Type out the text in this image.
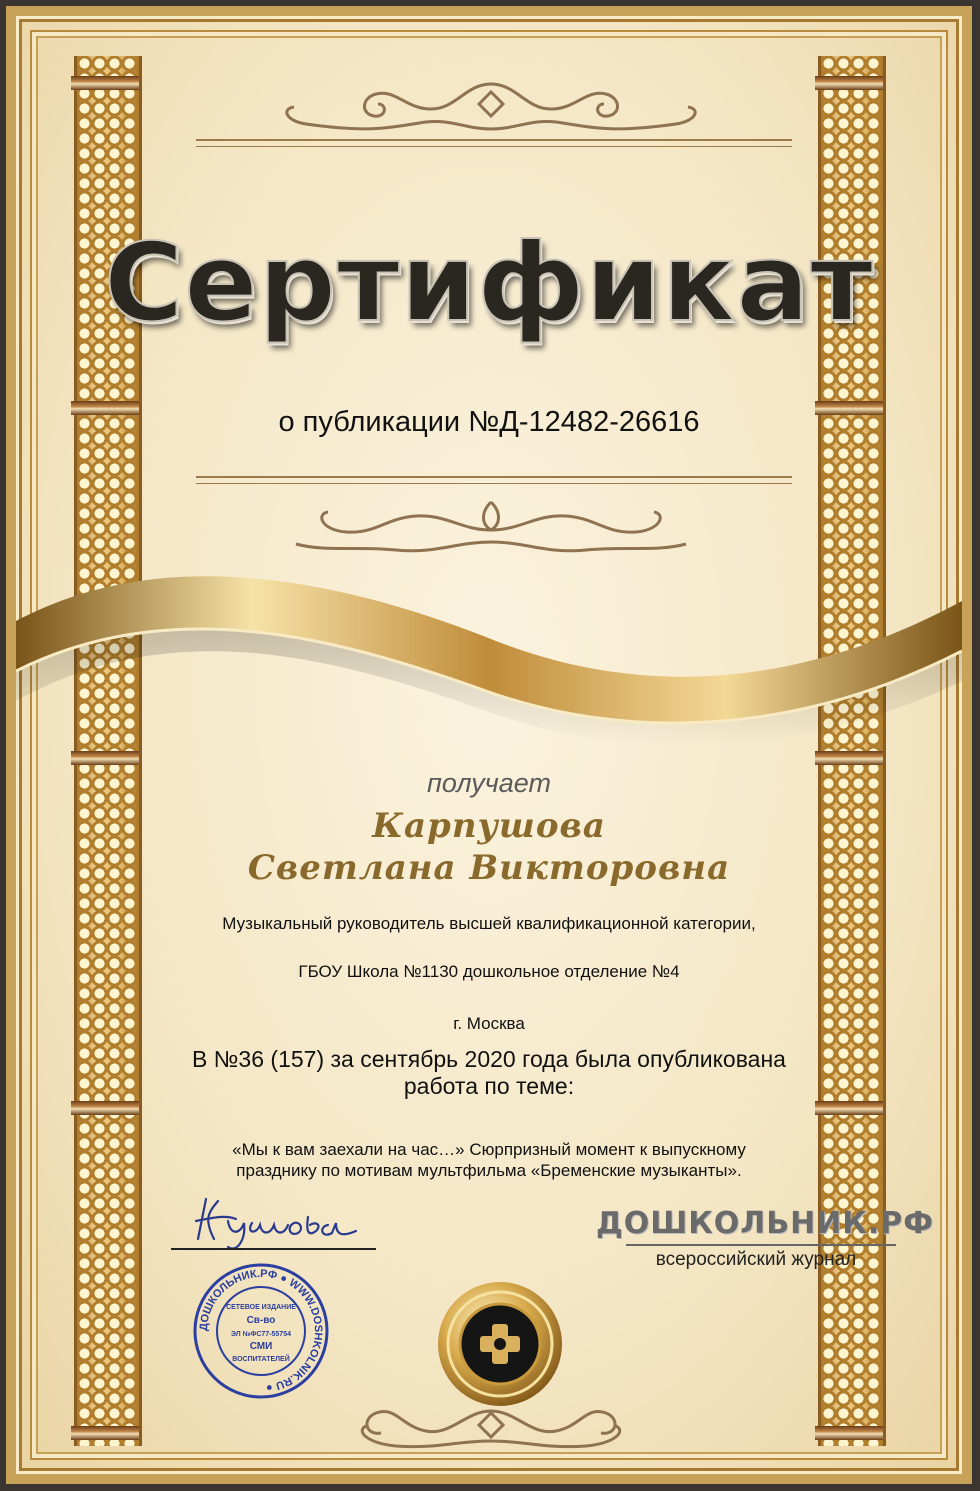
Сертификат
о публикации №Д-12482-26616
получает
Карпушова
Светлана Викторовна
Музыкальный руководитель высшей квалификационной категории,
ГБОУ Школа №1130 дошкольное отделение №4
г. Москва
В №36 (157) за сентябрь 2020 года была опубликована
работа по теме:
«Мы к вам заехали на час…» Сюрпризный момент к выпускному
празднику по мотивам мультфильма «Бременские музыканты».
ДОШКОЛЬНИК.РФ ● WWW.DOSHKOLNIK.RU ●
СЕТЕВОЕ ИЗДАНИЕ
Св-во
ЭЛ №ФС77-55754
СМИ
ВОСПИТАТЕЛЕЙ
ДОШКОЛЬНИК.РФ
всероссийский журнал
